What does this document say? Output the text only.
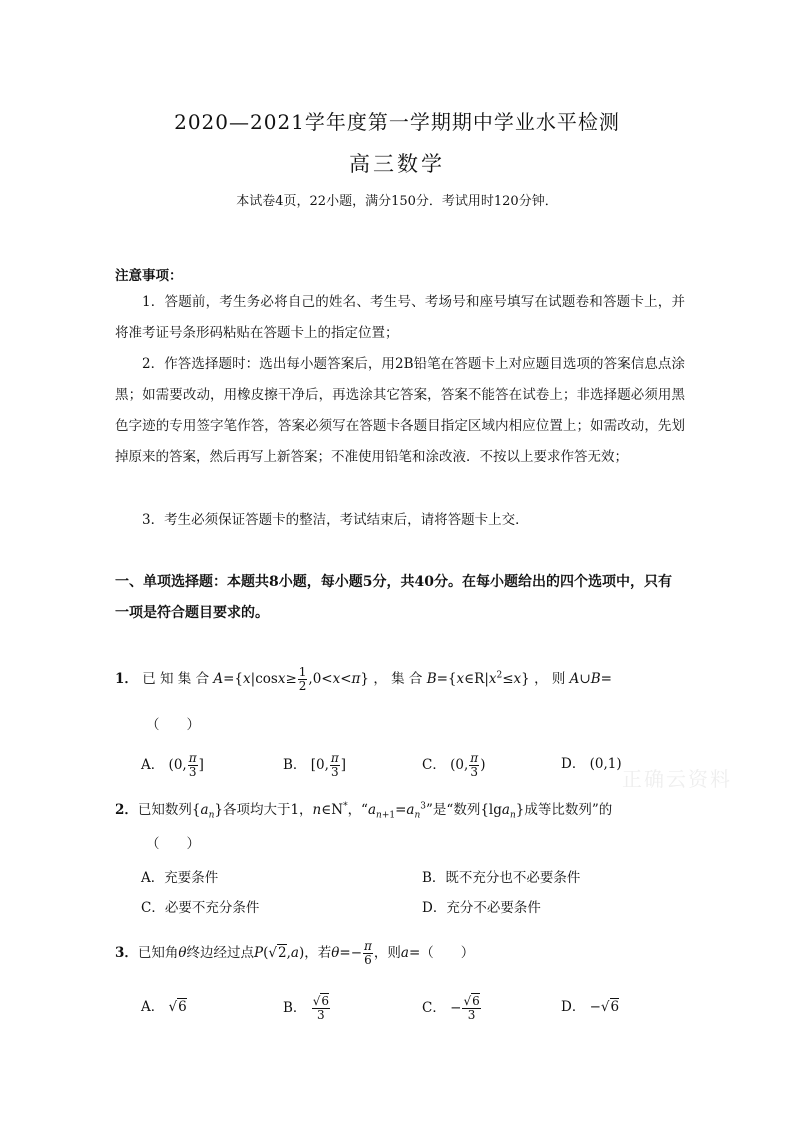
2020—2021学年度第一学期期中学业水平检测
高三数学
本试卷4页，22小题，满分150分．考试用时120分钟．
注意事项：
1．答题前，考生务必将自己的姓名、考生号、考场号和座号填写在试题卷和答题卡上，并将准考证号条形码粘贴在答题卡上的指定位置；
2．作答选择题时：选出每小题答案后，用2B铅笔在答题卡上对应题目选项的答案信息点涂黑；如需要改动，用橡皮擦干净后，再选涂其它答案，答案不能答在试卷上；非选择题必须用黑色字迹的专用签字笔作答，答案必须写在答题卡各题目指定区域内相应位置上；如需改动，先划掉原来的答案，然后再写上新答案；不准使用铅笔和涂改液．不按以上要求作答无效；
3．考生必须保证答题卡的整洁，考试结束后，请将答题卡上交．
一、单项选择题：本题共8小题，每小题5分，共40分。在每小题给出的四个选项中，只有一项是符合题目要求的。
1． 已 知 集 合 $A=\{x|\cos x\ge \frac{1}{2} ,0<x<\pi\}$ ， 集 合 $B=\{x\in R|x^2\le x\}$ ， 则 A∪B=
（　　）
A． (0, $\frac{\pi}{3}$ ]	B． [0, $\frac{\pi}{3}$ ]	C． (0, $\frac{\pi}{3}$ )	D． (0,1)
正确云资料
2．已知数列$\{a_n\}$各项均大于1，n∈N*，“$a_{n+1}=a_n^3$”是“数列{lga$_n$}成等比数列”的
（　　）
A．充要条件	B．既不充分也不必要条件
C．必要不充分条件	D．充分不必要条件
3．已知角θ终边经过点P(√2,a)，若$\theta=- \frac{\pi}{6}$ ，则a=（　　）
A． √6	B． $\frac{√6}{3}$	C． − $\frac{√6}{3}$	D． −√6
